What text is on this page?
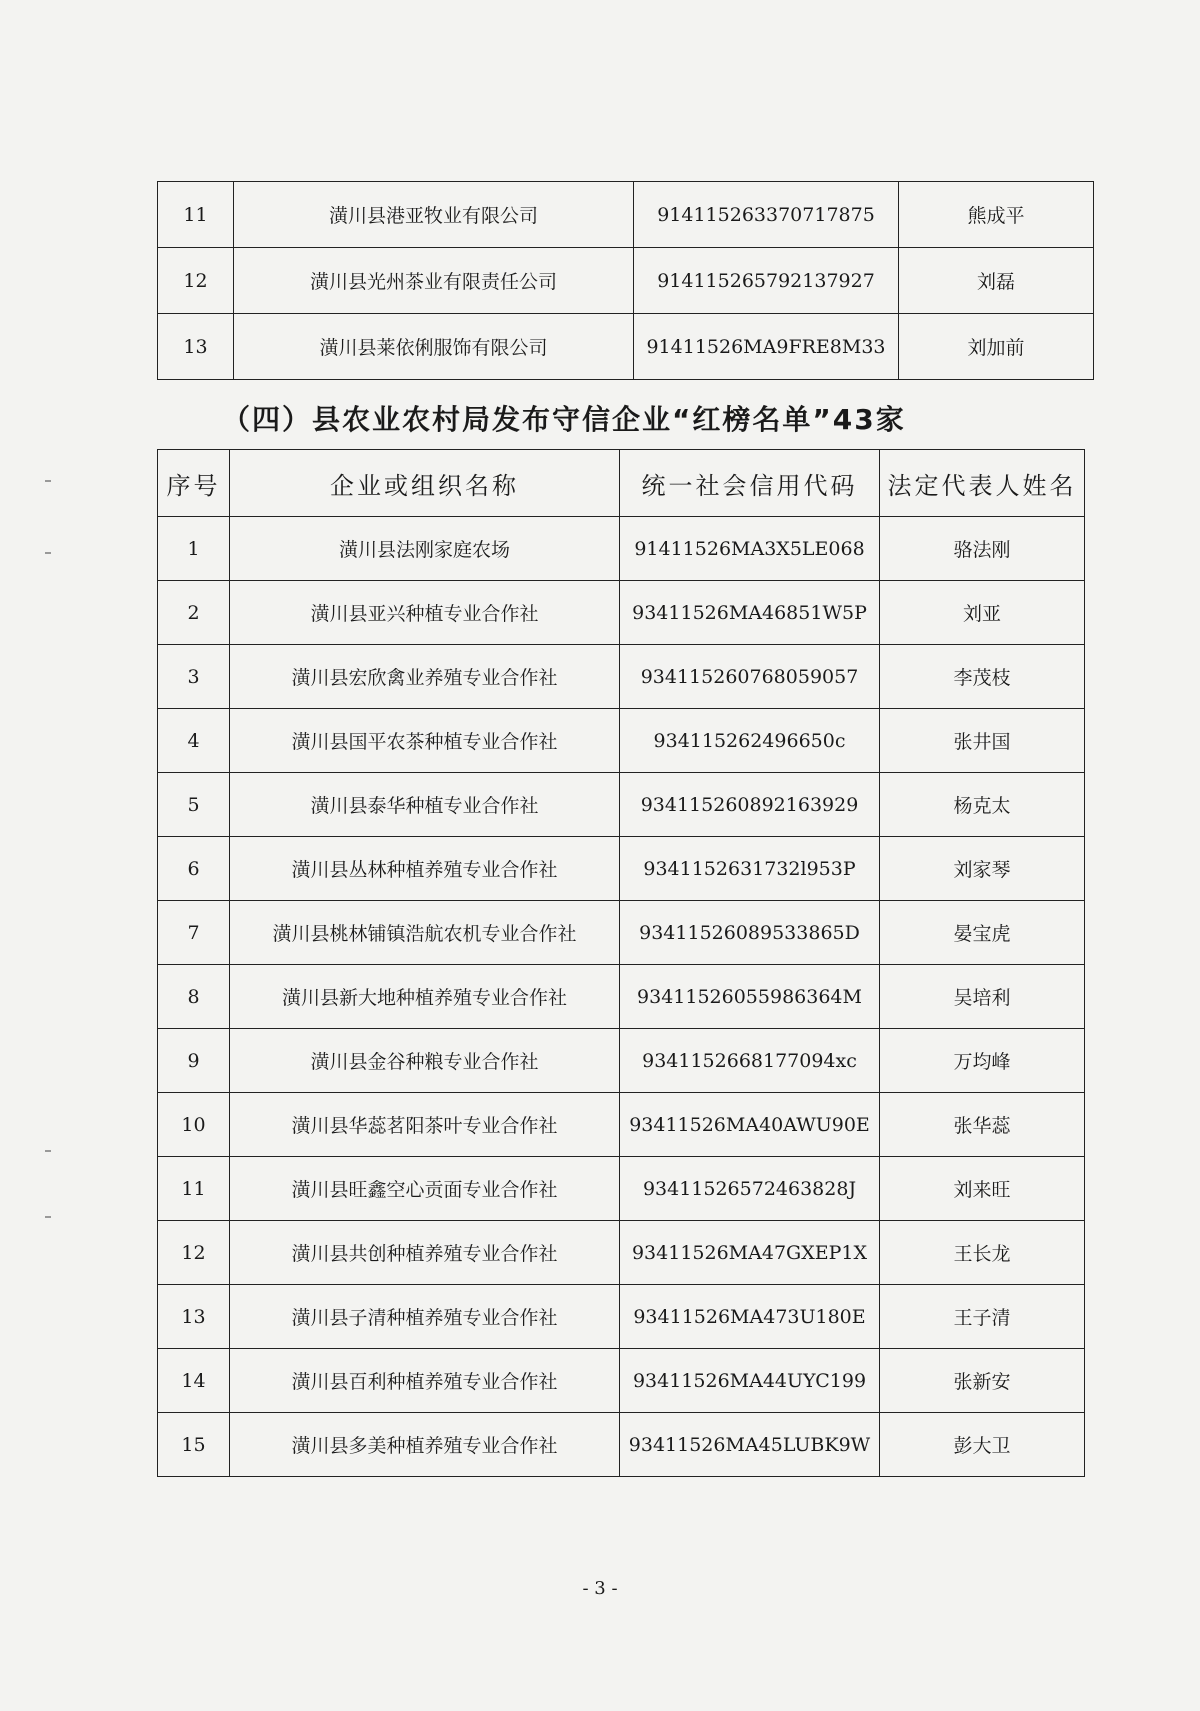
11	潢川县港亚牧业有限公司	914115263370717875	熊成平
12	潢川县光州茶业有限责任公司	914115265792137927	刘磊
13	潢川县莱依俐服饰有限公司	91411526MA9FRE8M33	刘加前
（四）县农业农村局发布守信企业“红榜名单”43家
序号	企业或组织名称	统一社会信用代码	法定代表人姓名
1	潢川县法刚家庭农场	91411526MA3X5LE068	骆法刚
2	潢川县亚兴种植专业合作社	93411526MA46851W5P	刘亚
3	潢川县宏欣禽业养殖专业合作社	934115260768059057	李茂枝
4	潢川县国平农茶种植专业合作社	934115262496650c	张井国
5	潢川县泰华种植专业合作社	934115260892163929	杨克太
6	潢川县丛林种植养殖专业合作社	9341152631732l953P	刘家琴
7	潢川县桃林铺镇浩航农机专业合作社	93411526089533865D	晏宝虎
8	潢川县新大地种植养殖专业合作社	93411526055986364M	吴培利
9	潢川县金谷种粮专业合作社	9341152668177094xc	万均峰
10	潢川县华蕊茗阳茶叶专业合作社	93411526MA40AWU90E	张华蕊
11	潢川县旺鑫空心贡面专业合作社	93411526572463828J	刘来旺
12	潢川县共创种植养殖专业合作社	93411526MA47GXEP1X	王长龙
13	潢川县子清种植养殖专业合作社	93411526MA473U180E	王子清
14	潢川县百利种植养殖专业合作社	93411526MA44UYC199	张新安
15	潢川县多美种植养殖专业合作社	93411526MA45LUBK9W	彭大卫
- 3 -
